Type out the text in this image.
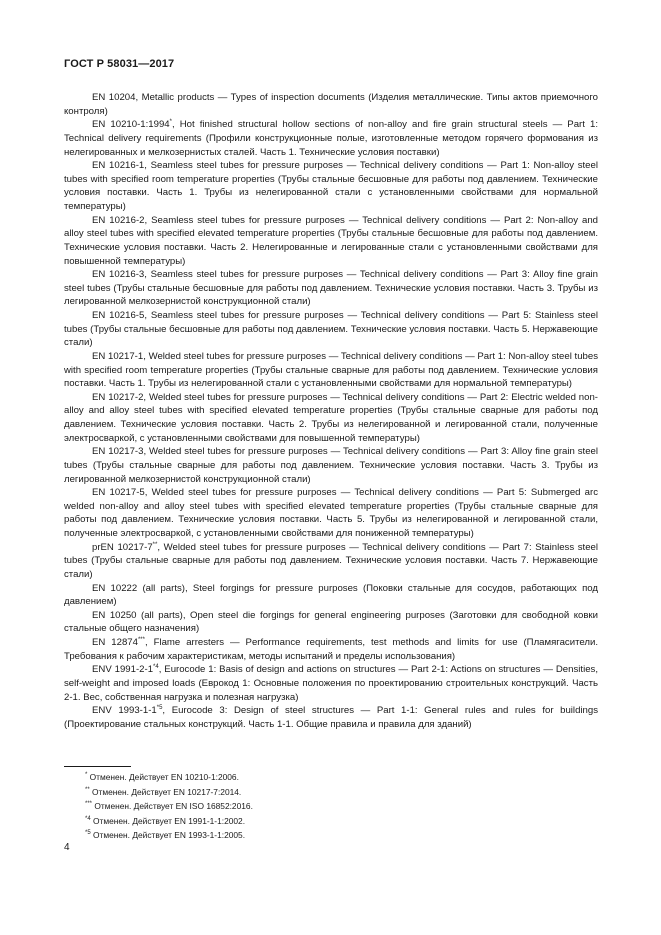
ГОСТ Р 58031—2017

EN 10204, Metallic products — Types of inspection documents (Изделия металлические. Типы актов приемочного контроля)

EN 10210-1:1994*, Hot finished structural hollow sections of non-alloy and fire grain structural steels — Part 1: Technical delivery requirements (Профили конструкционные полые, изготовленные методом горячего формования из нелегированных и мелкозернистых сталей. Часть 1. Технические условия поставки)

EN 10216-1, Seamless steel tubes for pressure purposes — Technical delivery conditions — Part 1: Non-alloy steel tubes with specified room temperature properties (Трубы стальные бесшовные для работы под давлением. Технические условия поставки. Часть 1. Трубы из нелегированной стали с установленными свойствами для нормальной температуры)

EN 10216-2, Seamless steel tubes for pressure purposes — Technical delivery conditions — Part 2: Non-alloy and alloy steel tubes with specified elevated temperature properties (Трубы стальные бесшовные для работы под давлением. Технические условия поставки. Часть 2. Нелегированные и легированные стали с установленными свойствами для повышенной температуры)

EN 10216-3, Seamless steel tubes for pressure purposes — Technical delivery conditions — Part 3: Alloy fine grain steel tubes (Трубы стальные бесшовные для работы под давлением. Технические условия поставки. Часть 3. Трубы из легированной мелкозернистой конструкционной стали)

EN 10216-5, Seamless steel tubes for pressure purposes — Technical delivery conditions — Part 5: Stainless steel tubes (Трубы стальные бесшовные для работы под давлением. Технические условия поставки. Часть 5. Нержавеющие стали)

EN 10217-1, Welded steel tubes for pressure purposes — Technical delivery conditions — Part 1: Non-alloy steel tubes with specified room temperature properties (Трубы стальные сварные для работы под давлением. Технические условия поставки. Часть 1. Трубы из нелегированной стали с установленными свойствами для нормальной температуры)

EN 10217-2, Welded steel tubes for pressure purposes — Technical delivery conditions — Part 2: Electric welded non-alloy and alloy steel tubes with specified elevated temperature properties (Трубы стальные сварные для работы под давлением. Технические условия поставки. Часть 2. Трубы из нелегированной и легированной стали, полученные электросваркой, с установленными свойствами для повышенной температуры)

EN 10217-3, Welded steel tubes for pressure purposes — Technical delivery conditions — Part 3: Alloy fine grain steel tubes (Трубы стальные сварные для работы под давлением. Технические условия поставки. Часть 3. Трубы из легированной мелкозернистой конструкционной стали)

EN 10217-5, Welded steel tubes for pressure purposes — Technical delivery conditions — Part 5: Submerged arc welded non-alloy and alloy steel tubes with specified elevated temperature properties (Трубы стальные сварные для работы под давлением. Технические условия поставки. Часть 5. Трубы из нелегированной и легированной стали, полученные электросваркой, с установленными свойствами для пониженной температуры)

prEN 10217-7**, Welded steel tubes for pressure purposes — Technical delivery conditions — Part 7: Stainless steel tubes (Трубы стальные сварные для работы под давлением. Технические условия поставки. Часть 7. Нержавеющие стали)

EN 10222 (all parts), Steel forgings for pressure purposes (Поковки стальные для сосудов, работающих под давлением)

EN 10250 (all parts), Open steel die forgings for general engineering purposes (Заготовки для свободной ковки стальные общего назначения)

EN 12874***, Flame arresters — Performance requirements, test methods and limits for use (Пламягасители. Требования к рабочим характеристикам, методы испытаний и пределы использования)

ENV 1991-2-1$^{*4}$, Eurocode 1: Basis of design and actions on structures — Part 2-1: Actions on structures — Densities, self-weight and imposed loads (Еврокод 1: Основные положения по проектированию строительных конструкций. Часть 2-1. Вес, собственная нагрузка и полезная нагрузка)

ENV 1993-1-1$^{*5}$, Eurocode 3: Design of steel structures — Part 1-1: General rules and rules for buildings (Проектирование стальных конструкций. Часть 1-1. Общие правила и правила для зданий)

* Отменен. Действует EN 10210-1:2006.

** Отменен. Действует EN 10217-7:2014.

*** Отменен. Действует EN ISO 16852:2016.

$^{*4}$ Отменен. Действует EN 1991-1-1:2002.

$^{*5}$ Отменен. Действует EN 1993-1-1:2005.

4
